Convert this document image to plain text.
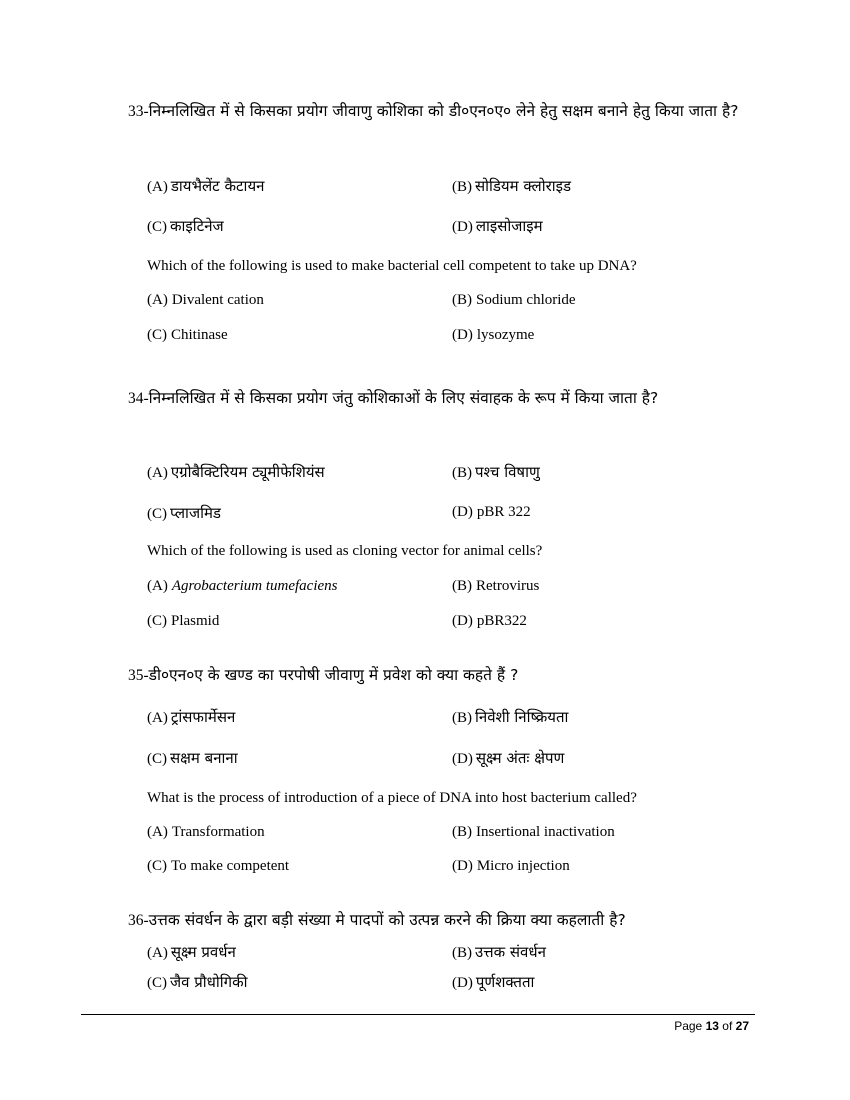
33-निम्नलिखित में से किसका प्रयोग जीवाणु कोशिका को डी०एन०ए० लेने हेतु सक्षम बनाने हेतु किया जाता है?
(A) डायभैलेंट कैटायन	(B) सोडियम क्लोराइड
(C) काइटिनेज	(D) लाइसोजाइम
Which of the following is used to make bacterial cell competent to take up DNA?
(A) Divalent cation	(B) Sodium chloride
(C) Chitinase	(D) lysozyme
34-निम्नलिखित में से किसका प्रयोग जंतु कोशिकाओं के लिए संवाहक के रूप में किया जाता है?
(A) एग्रोबैक्टिरियम ट्यूमीफेशियंस	(B) पश्च विषाणु
(C) प्लाजमिड	(D) pBR 322
Which of the following is used as cloning vector for animal cells?
(A) Agrobacterium tumefaciens	(B) Retrovirus
(C) Plasmid	(D) pBR322
35-डी०एन०ए के खण्ड का परपोषी जीवाणु में प्रवेश को क्या कहते हैं ?
(A) ट्रांसफार्मेसन	(B) निवेशी निष्क्रियता
(C) सक्षम बनाना	(D) सूक्ष्म अंतः क्षेपण
What is the process of introduction of a piece of DNA into host bacterium called?
(A) Transformation	(B) Insertional inactivation
(C) To make competent	(D) Micro injection
36-उत्तक संवर्धन के द्वारा बड़ी संख्या मे पादपों को उत्पन्न करने की क्रिया क्या कहलाती है?
(A) सूक्ष्म प्रवर्धन	(B) उत्तक संवर्धन
(C) जैव प्रौधोगिकी	(D) पूर्णशक्तता
Page 13 of 27
